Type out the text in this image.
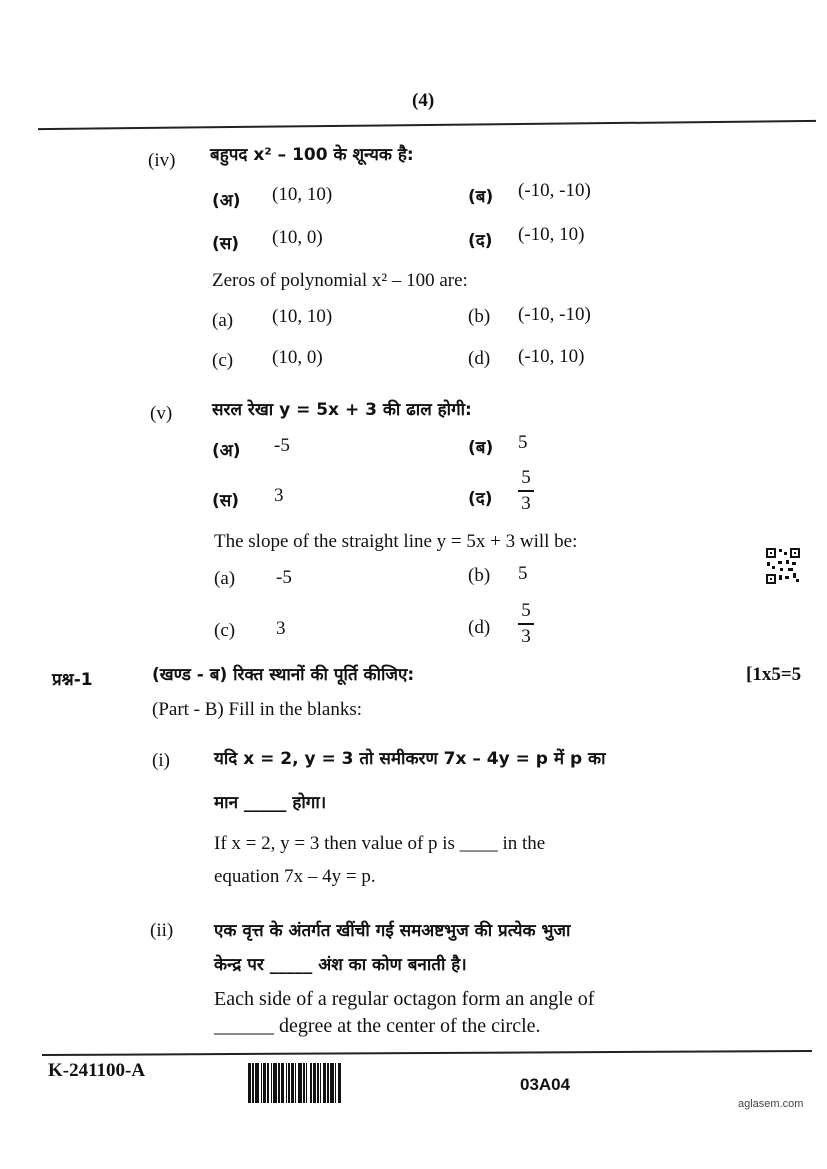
(4)
(iv) बहुपद x² – 100 के शून्यक है:
(अ) (10, 10)	(ब) (-10, -10)
(स) (10, 0)	(द) (-10, 10)
Zeros of polynomial x² – 100 are:
(a) (10, 10)	(b) (-10, -10)
(c) (10, 0)	(d) (-10, 10)
(v) सरल रेखा y = 5x + 3 की ढाल होगी:
(अ) -5	(ब) 5
(स) 3	(द)
5
3
The slope of the straight line y = 5x + 3 will be:
(a) -5	(b) 5
(c) 3	(d)
5
3
प्रश्न-1	(खण्ड - ब) रिक्त स्थानों की पूर्ति कीजिए:	[1x5=5
(Part - B) Fill in the blanks:
(i)	यदि x = 2, y = 3 तो समीकरण 7x – 4y = p में p का
मान _____ होगा।
If x = 2, y = 3 then value of p is ____ in the
equation 7x – 4y = p.
(ii) एक वृत्त के अंतर्गत खींची गई समअष्टभुज की प्रत्येक भुजा
केन्द्र पर _____ अंश का कोण बनाती है।
Each side of a regular octagon form an angle of
______ degree at the center of the circle.
K-241100-A
03A04
aglasem.com
